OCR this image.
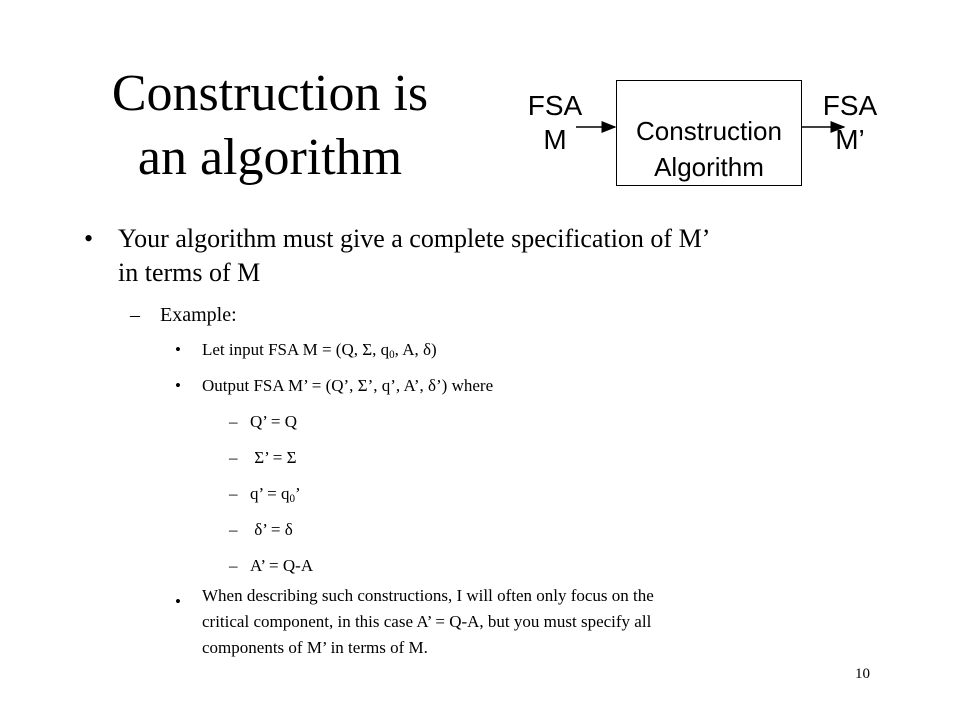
Construction is
an algorithm
FSA
M	Construction
Algorithm
FSA
M’
• Your algorithm must give a complete specification of M’
in terms of M
– Example:
• Let input FSA M = (Q, Σ, $q_0$, A, δ)
• Output FSA M’ = (Q’, Σ’, q’, A’, δ’) where
– Q’ = Q
– Σ’ = Σ
– q’ = $q_0$’
– δ’ = δ
– A’ = Q-A
• When describing such constructions, I will often only focus on the
critical component, in this case A’ = Q-A, but you must specify all
components of M’ in terms of M.
10
